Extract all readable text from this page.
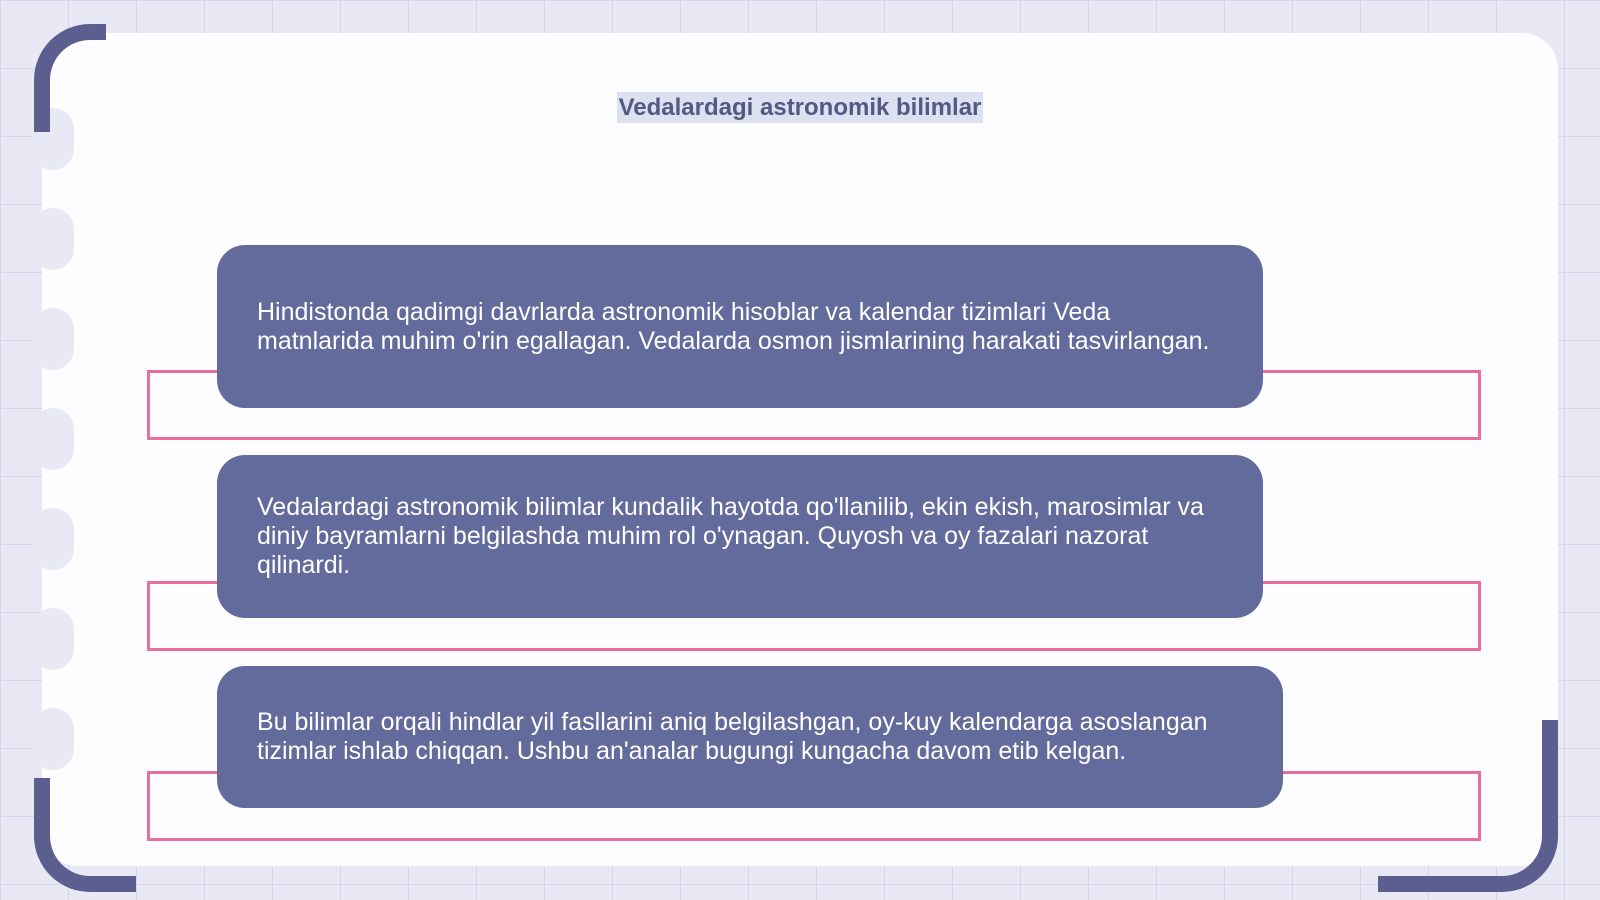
Vedalardagi astronomik bilimlar
Hindistonda qadimgi davrlarda astronomik hisoblar va kalendar tizimlari Veda matnlarida muhim o'rin egallagan. Vedalarda osmon jismlarining harakati tasvirlangan.
Vedalardagi astronomik bilimlar kundalik hayotda qo'llanilib, ekin ekish, marosimlar va diniy bayramlarni belgilashda muhim rol o'ynagan. Quyosh va oy fazalari nazorat qilinardi.
Bu bilimlar orqali hindlar yil fasllarini aniq belgilashgan, oy-kuy kalendarga asoslangan tizimlar ishlab chiqqan. Ushbu an'analar bugungi kungacha davom etib kelgan.
